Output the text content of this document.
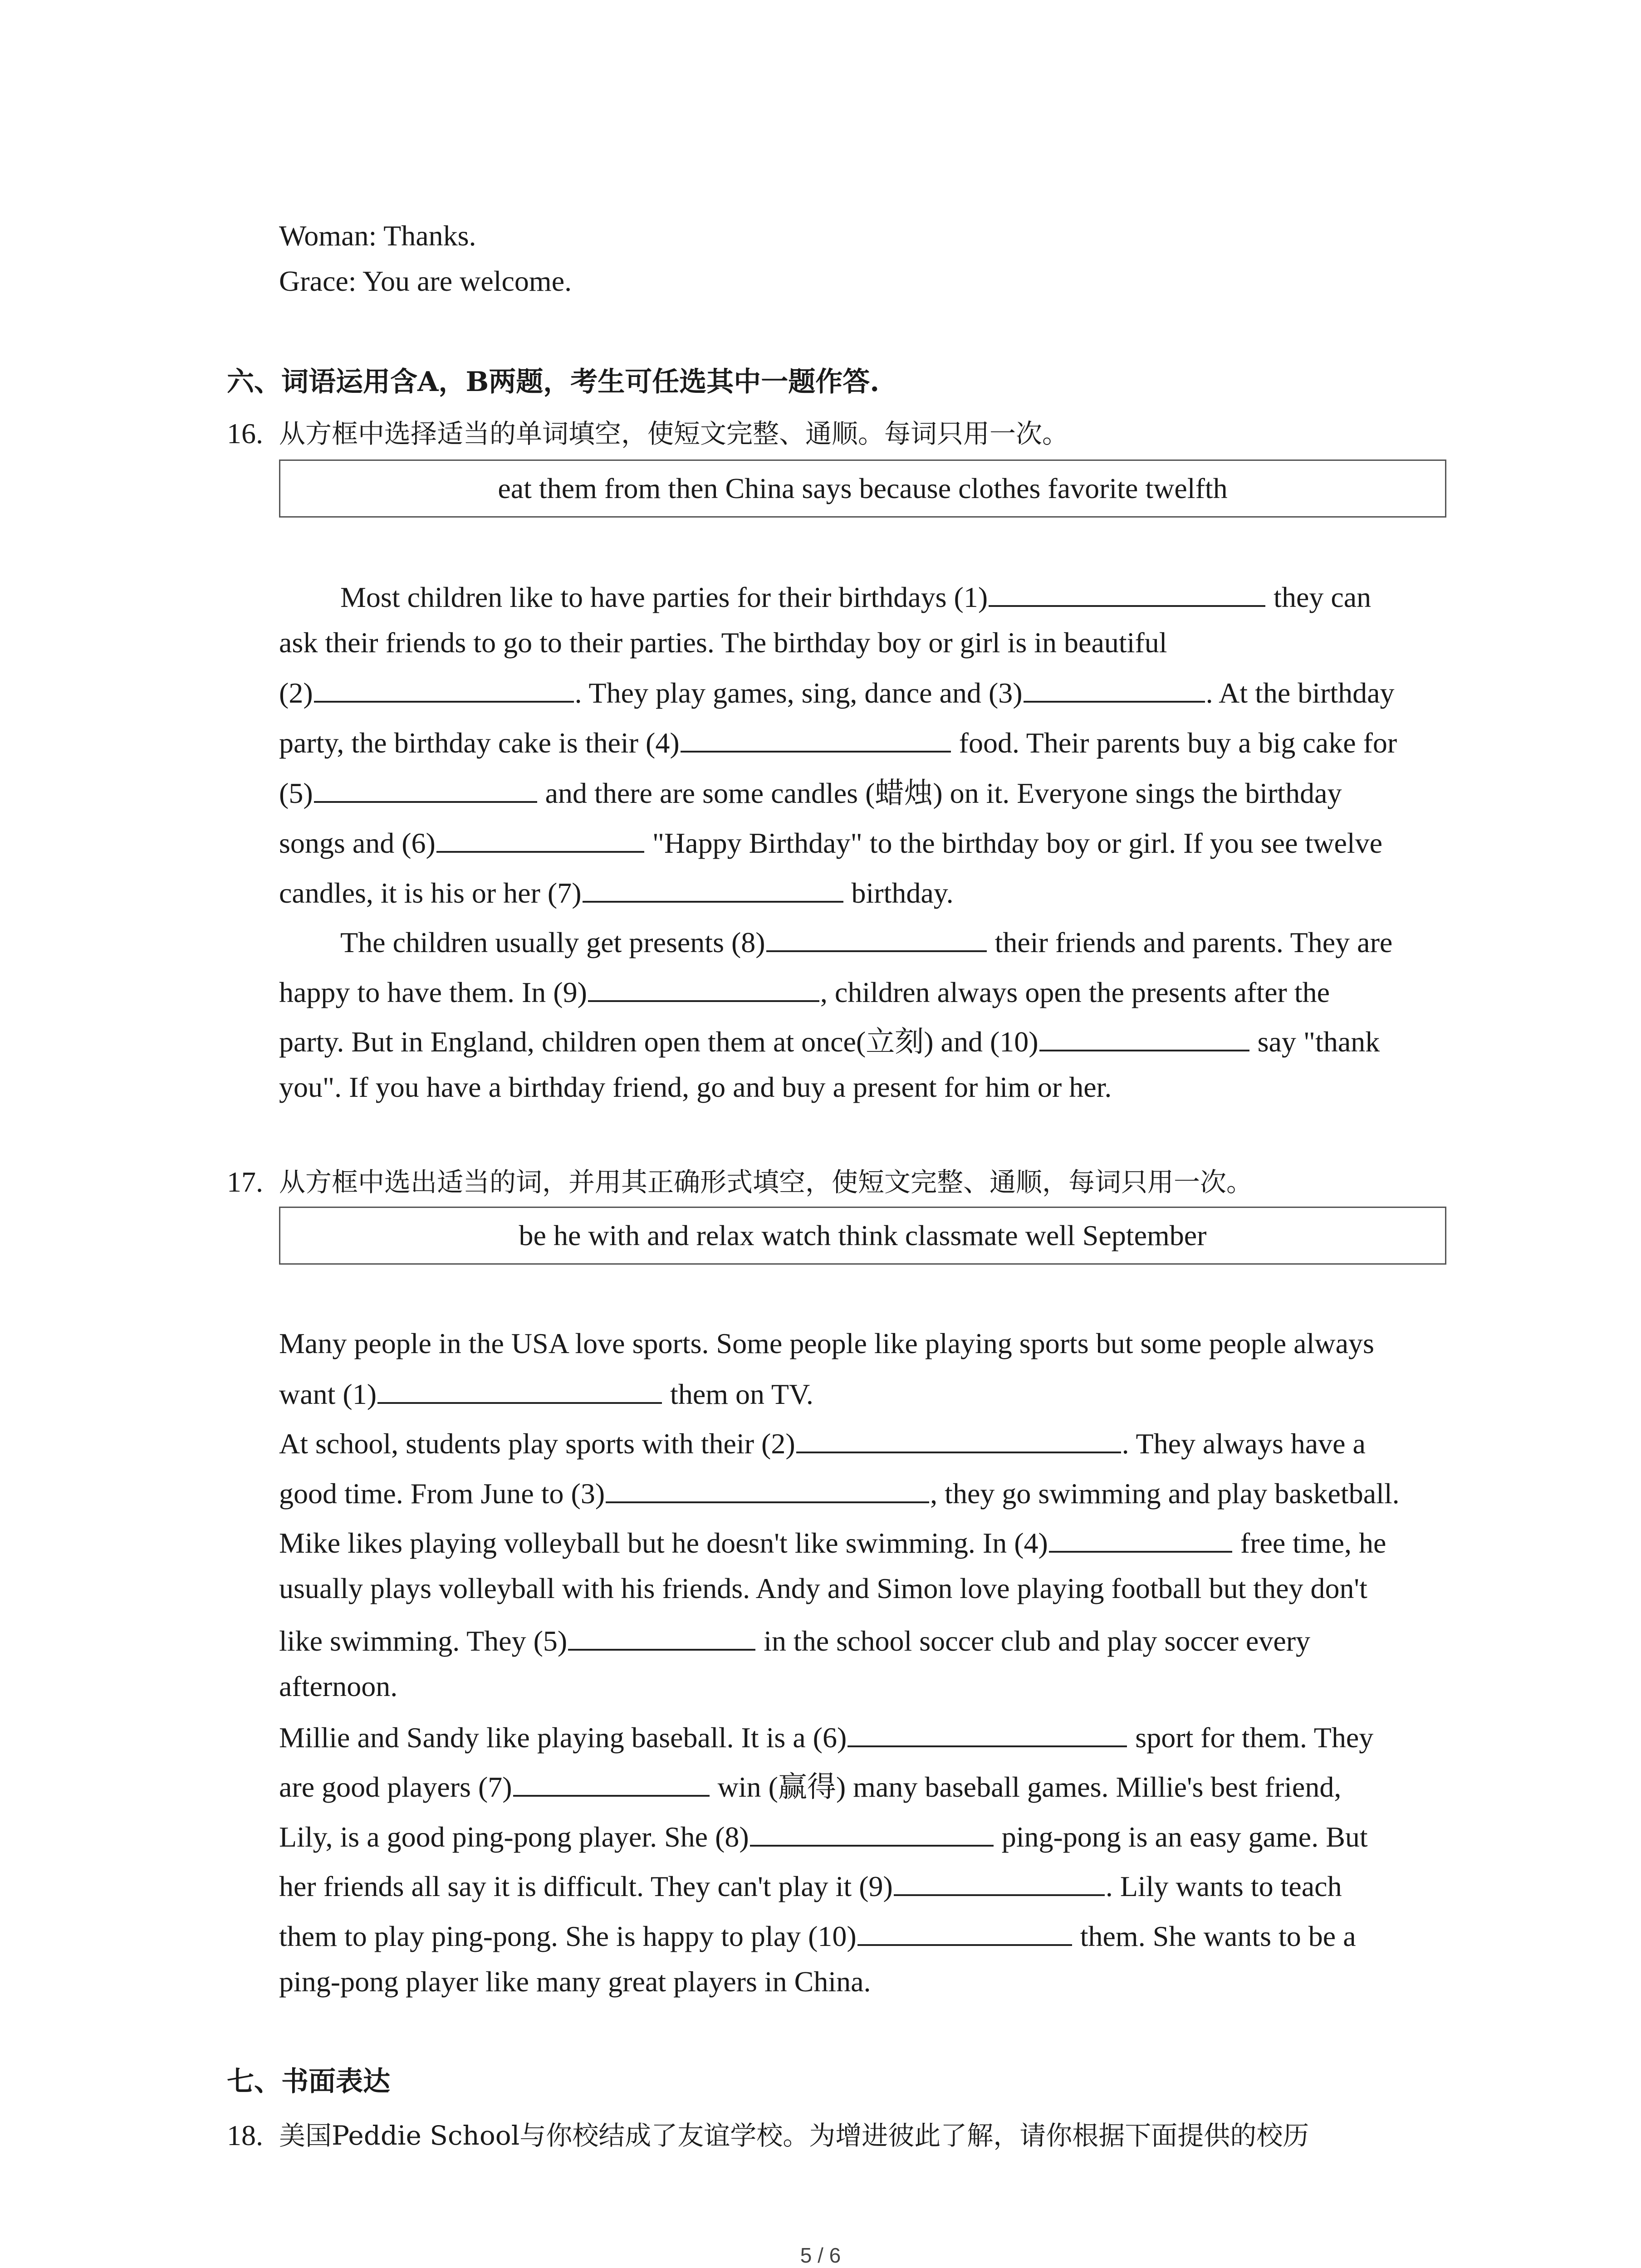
Woman: Thanks.
Grace: You are welcome.
六、词语运用含A，B两题，考生可任选其中一题作答.
16. 从方框中选择适当的单词填空，使短文完整、通顺。每词只用一次。
eat them from then China says because clothes favorite twelfth
Most children like to have parties for their birthdays (1)	they can
ask their friends to go to their parties. The birthday boy or girl is in beautiful
(2)	. They play games, sing, dance and (3)	. At the birthday
party, the birthday cake is their (4)	food. Their parents buy a big cake for
(5)	and there are some candles (蜡烛) on it. Everyone sings the birthday
songs and (6)	"Happy Birthday" to the birthday boy or girl. If you see twelve
candles, it is his or her (7)	birthday.
The children usually get presents (8)	their friends and parents. They are
happy to have them. In (9)	, children always open the presents after the
party. But in England, children open them at once(立刻) and (10)	say "thank
you". If you have a birthday friend, go and buy a present for him or her.
17. 从方框中选出适当的词，并用其正确形式填空，使短文完整、通顺，每词只用一次。
be he with and relax watch think classmate well September
Many people in the USA love sports. Some people like playing sports but some people always
want (1)	them on TV.
At school, students play sports with their (2)	. They always have a
good time. From June to (3)	, they go swimming and play basketball.
Mike likes playing volleyball but he doesn't like swimming. In (4)	free time, he
usually plays volleyball with his friends. Andy and Simon love playing football but they don't
like swimming. They (5)	in the school soccer club and play soccer every
afternoon.
Millie and Sandy like playing baseball. It is a (6)	sport for them. They
are good players (7)	win (赢得) many baseball games. Millie's best friend,
Lily, is a good ping-pong player. She (8)	ping-pong is an easy game. But
her friends all say it is difficult. They can't play it (9)	. Lily wants to teach
them to play ping-pong. She is happy to play (10)	them. She wants to be a
ping-pong player like many great players in China.
七、书面表达
18. 美国Peddie School与你校结成了友谊学校。为增进彼此了解，请你根据下面提供的校历
5 / 6
